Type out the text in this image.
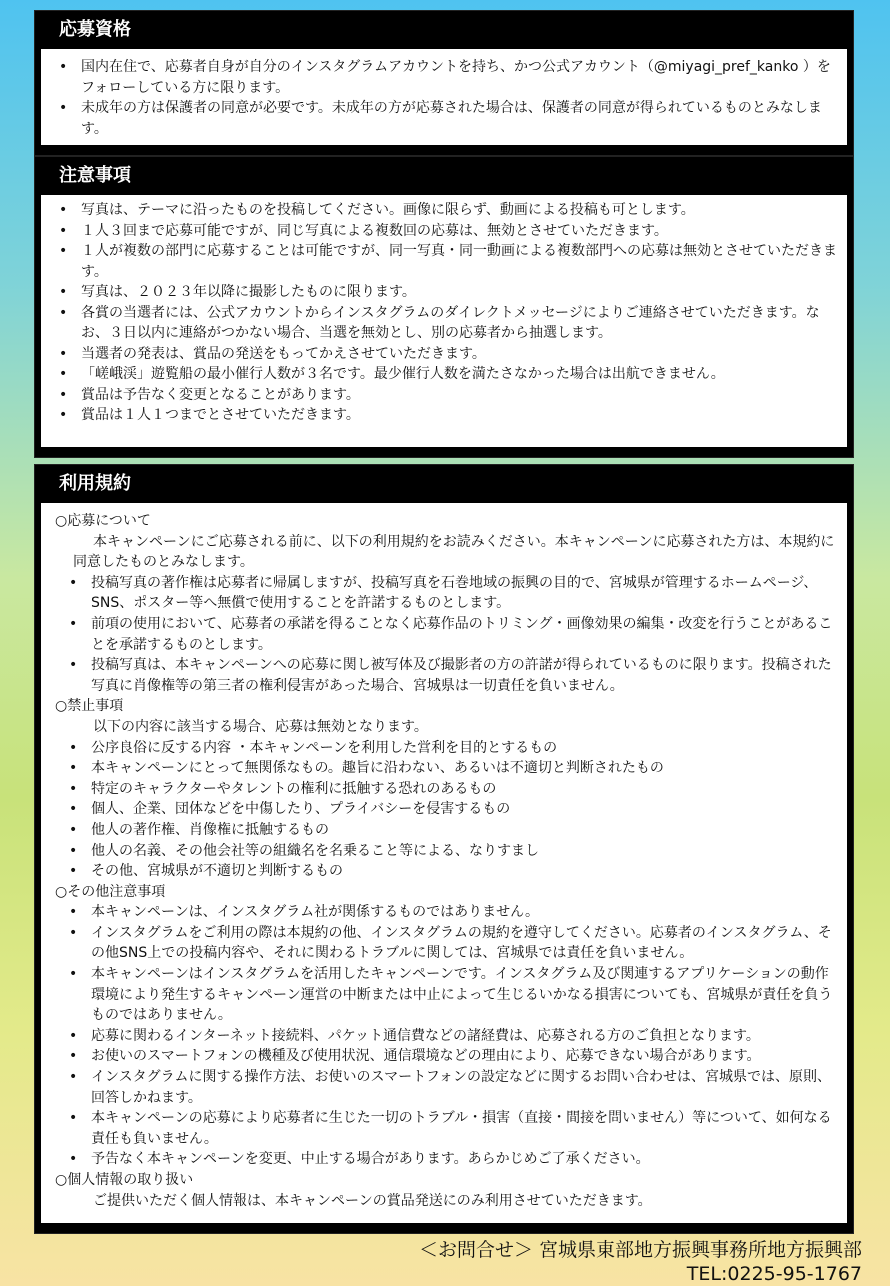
応募資格
• 国内在住で、応募者自身が自分のインスタグラムアカウントを持ち、かつ公式アカウント（@miyagi_pref_kanko ）をフォローしている方に限ります。
• 未成年の方は保護者の同意が必要です。未成年の方が応募された場合は、保護者の同意が得られているものとみなします。
注意事項
• 写真は、テーマに沿ったものを投稿してください。画像に限らず、動画による投稿も可とします。
• １人３回まで応募可能ですが、同じ写真による複数回の応募は、無効とさせていただきます。
• １人が複数の部門に応募することは可能ですが、同一写真・同一動画による複数部門への応募は無効とさせていただきます。
• 写真は、２０２３年以降に撮影したものに限ります。
• 各賞の当選者には、公式アカウントからインスタグラムのダイレクトメッセージによりご連絡させていただきます。なお、３日以内に連絡がつかない場合、当選を無効とし、別の応募者から抽選します。
• 当選者の発表は、賞品の発送をもってかえさせていただきます。
• 「嵯峨渓」遊覧船の最小催行人数が３名です。最少催行人数を満たさなかった場合は出航できません。
• 賞品は予告なく変更となることがあります。
• 賞品は１人１つまでとさせていただきます。
利用規約
○応募について
本キャンペーンにご応募される前に、以下の利用規約をお読みください。本キャンペーンに応募された方は、本規約に同意したものとみなします。
• 投稿写真の著作権は応募者に帰属しますが、投稿写真を石巻地域の振興の目的で、宮城県が管理するホームページ、SNS、ポスター等へ無償で使用することを許諾するものとします。
• 前項の使用において、応募者の承諾を得ることなく応募作品のトリミング・画像効果の編集・改変を行うことがあることを承諾するものとします。
• 投稿写真は、本キャンペーンへの応募に関し被写体及び撮影者の方の許諾が得られているものに限ります。投稿された写真に肖像権等の第三者の権利侵害があった場合、宮城県は一切責任を負いません。
○禁止事項
以下の内容に該当する場合、応募は無効となります。
• 公序良俗に反する内容 ・本キャンペーンを利用した営利を目的とするもの
• 本キャンペーンにとって無関係なもの。趣旨に沿わない、あるいは不適切と判断されたもの
• 特定のキャラクターやタレントの権利に抵触する恐れのあるもの
• 個人、企業、団体などを中傷したり、プライバシーを侵害するもの
• 他人の著作権、肖像権に抵触するもの
• 他人の名義、その他会社等の組織名を名乗ること等による、なりすまし
• その他、宮城県が不適切と判断するもの
○その他注意事項
• 本キャンペーンは、インスタグラム社が関係するものではありません。
• インスタグラムをご利用の際は本規約の他、インスタグラムの規約を遵守してください。応募者のインスタグラム、その他SNS上での投稿内容や、それに関わるトラブルに関しては、宮城県では責任を負いません。
• 本キャンペーンはインスタグラムを活用したキャンペーンです。インスタグラム及び関連するアプリケーションの動作環境により発生するキャンペーン運営の中断または中止によって生じるいかなる損害についても、宮城県が責任を負うものではありません。
• 応募に関わるインターネット接続料、パケット通信費などの諸経費は、応募される方のご負担となります。
• お使いのスマートフォンの機種及び使用状況、通信環境などの理由により、応募できない場合があります。
• インスタグラムに関する操作方法、お使いのスマートフォンの設定などに関するお問い合わせは、宮城県では、原則、回答しかねます。
• 本キャンペーンの応募により応募者に生じた一切のトラブル・損害（直接・間接を問いません）等について、如何なる責任も負いません。
• 予告なく本キャンペーンを変更、中止する場合があります。あらかじめご了承ください。
○個人情報の取り扱い
ご提供いただく個人情報は、本キャンペーンの賞品発送にのみ利用させていただきます。
＜お問合せ＞ 宮城県東部地方振興事務所地方振興部
TEL:0225-95-1767
